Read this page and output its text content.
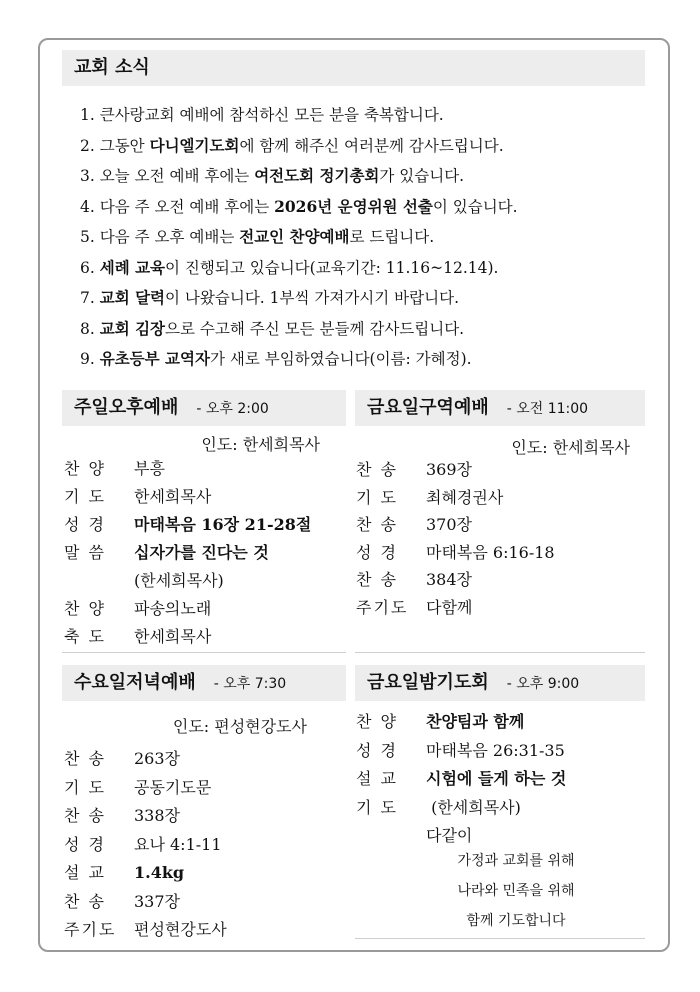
교회 소식
1. 큰사랑교회 예배에 참석하신 모든 분을 축복합니다.
2. 그동안 다니엘기도회에 함께 해주신 여러분께 감사드립니다.
3. 오늘 오전 예배 후에는 여전도회 정기총회가 있습니다.
4. 다음 주 오전 예배 후에는 2026년 운영위원 선출이 있습니다.
5. 다음 주 오후 예배는 전교인 찬양예배로 드립니다.
6. 세례 교육이 진행되고 있습니다(교육기간: 11.16~12.14).
7. 교회 달력이 나왔습니다. 1부씩 가져가시기 바랍니다.
8. 교회 김장으로 수고해 주신 모든 분들께 감사드립니다.
9. 유초등부 교역자가 새로 부임하였습니다(이름: 가혜정).
주일오후예배 - 오후 2:00
인도: 한세희목사
찬 양	부흥
기 도	한세희목사
성 경	마태복음 16장 21-28절
말 씀	십자가를 진다는 것
(한세희목사)
찬 양	파송의노래
축 도	한세희목사
금요일구역예배 - 오전 11:00
인도: 한세희목사
찬 송	369장
기 도	최혜경권사
찬 송	370장
성 경	마태복음 6:16-18
찬 송	384장
주기도	다함께
수요일저녁예배 - 오후 7:30
인도: 편성현강도사
찬 송	263장
기 도	공동기도문
찬 송	338장
성 경	요나 4:1-11
설 교	1.4kg
찬 송	337장
주기도	편성현강도사
금요일밤기도회 - 오후 9:00
찬 양	찬양팀과 함께
성 경	마태복음 26:31-35
설 교	시험에 들게 하는 것
기 도	(한세희목사)
다같이
가정과 교회를 위해
나라와 민족을 위해
함께 기도합니다
